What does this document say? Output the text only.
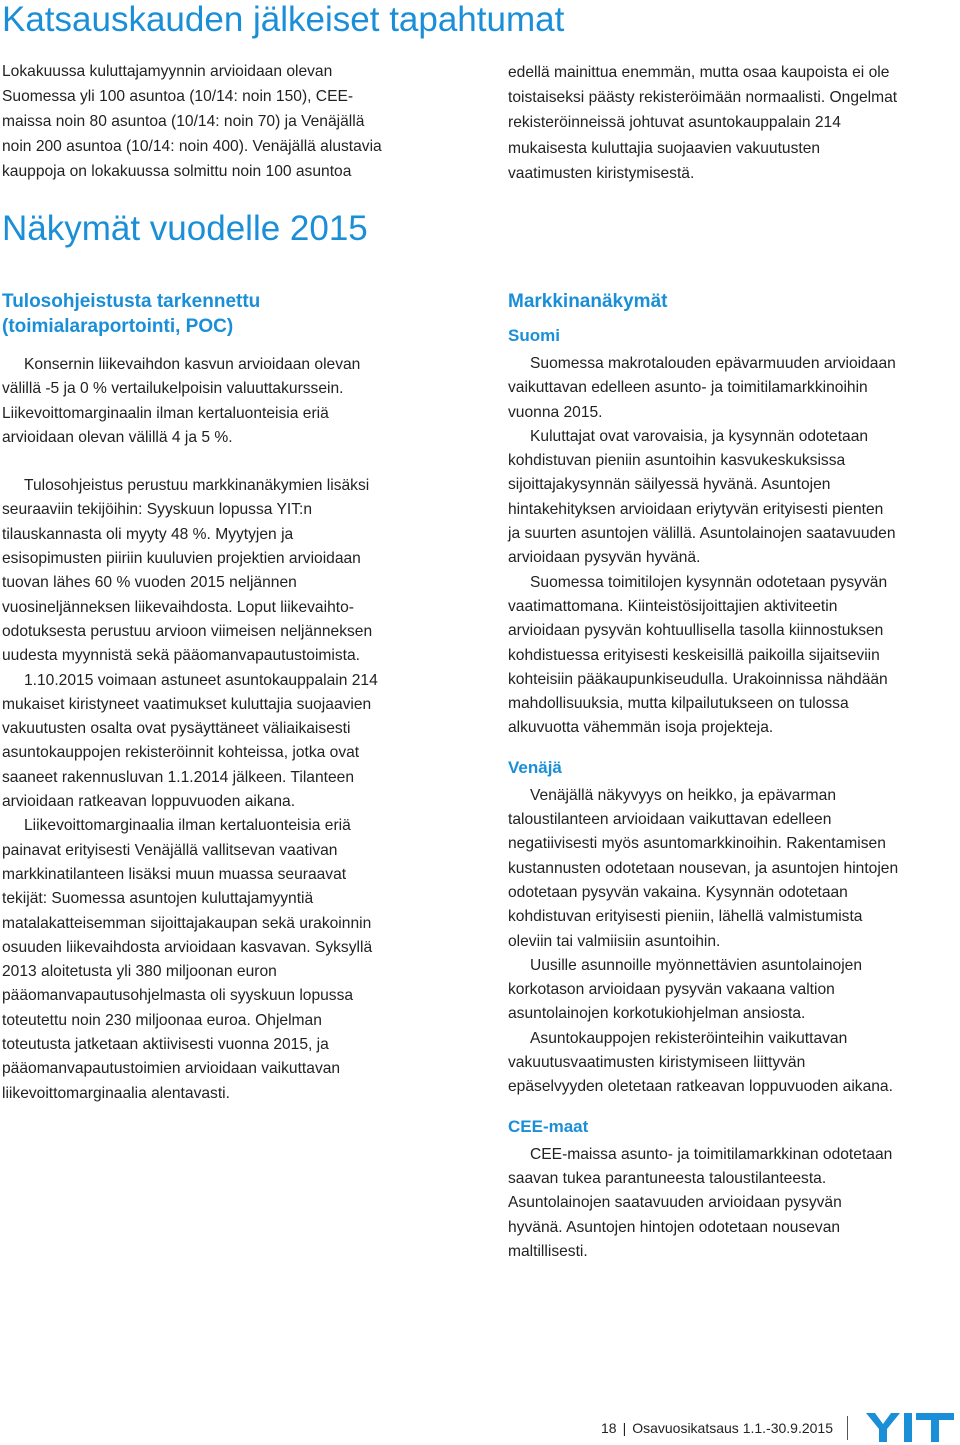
Katsauskauden jälkeiset tapahtumat

Lokakuussa kuluttajamyynnin arvioidaan olevan
Suomessa yli 100 asuntoa (10/14: noin 150), CEE-
maissa noin 80 asuntoa (10/14: noin 70) ja Venäjällä
noin 200 asuntoa (10/14: noin 400). Venäjällä alustavia
kauppoja on lokakuussa solmittu noin 100 asuntoa

edellä mainittua enemmän, mutta osaa kaupoista ei ole
toistaiseksi päästy rekisteröimään normaalisti. Ongelmat
rekisteröinneissä johtuvat asuntokauppalain 214
mukaisesta kuluttajia suojaavien vakuutusten
vaatimusten kiristymisestä.

Näkymät vuodelle 2015

Tulosohjeistusta tarkennettu
(toimialaraportointi, POC)

Konsernin liikevaihdon kasvun arvioidaan olevan
välillä -5 ja 0 % vertailukelpoisin valuuttakurssein.
Liikevoittomarginaalin ilman kertaluonteisia eriä
arvioidaan olevan välillä 4 ja 5 %.

Tulosohjeistus perustuu markkinanäkymien lisäksi
seuraaviin tekijöihin: Syyskuun lopussa YIT:n
tilauskannasta oli myyty 48 %. Myytyjen ja
esisopimusten piiriin kuuluvien projektien arvioidaan
tuovan lähes 60 % vuoden 2015 neljännen
vuosineljänneksen liikevaihdosta. Loput liikevaihto-
odotuksesta perustuu arvioon viimeisen neljänneksen
uudesta myynnistä sekä pääomanvapautustoimista.

1.10.2015 voimaan astuneet asuntokauppalain 214
mukaiset kiristyneet vaatimukset kuluttajia suojaavien
vakuutusten osalta ovat pysäyttäneet väliaikaisesti
asuntokauppojen rekisteröinnit kohteissa, jotka ovat
saaneet rakennusluvan 1.1.2014 jälkeen. Tilanteen
arvioidaan ratkeavan loppuvuoden aikana.

Liikevoittomarginaalia ilman kertaluonteisia eriä
painavat erityisesti Venäjällä vallitsevan vaativan
markkinatilanteen lisäksi muun muassa seuraavat
tekijät: Suomessa asuntojen kuluttajamyyntiä
matalakatteisemman sijoittajakaupan sekä urakoinnin
osuuden liikevaihdosta arvioidaan kasvavan. Syksyllä
2013 aloitetusta yli 380 miljoonan euron
pääomanvapautusohjelmasta oli syyskuun lopussa
toteutettu noin 230 miljoonaa euroa. Ohjelman
toteutusta jatketaan aktiivisesti vuonna 2015, ja
pääomanvapautustoimien arvioidaan vaikuttavan
liikevoittomarginaalia alentavasti.

Markkinanäkymät

Suomi

Suomessa makrotalouden epävarmuuden arvioidaan
vaikuttavan edelleen asunto- ja toimitilamarkkinoihin
vuonna 2015.

Kuluttajat ovat varovaisia, ja kysynnän odotetaan
kohdistuvan pieniin asuntoihin kasvukeskuksissa
sijoittajakysynnän säilyessä hyvänä. Asuntojen
hintakehityksen arvioidaan eriytyvän erityisesti pienten
ja suurten asuntojen välillä. Asuntolainojen saatavuuden
arvioidaan pysyvän hyvänä.

Suomessa toimitilojen kysynnän odotetaan pysyvän
vaatimattomana. Kiinteistösijoittajien aktiviteetin
arvioidaan pysyvän kohtuullisella tasolla kiinnostuksen
kohdistuessa erityisesti keskeisillä paikoilla sijaitseviin
kohteisiin pääkaupunkiseudulla. Urakoinnissa nähdään
mahdollisuuksia, mutta kilpailutukseen on tulossa
alkuvuotta vähemmän isoja projekteja.

Venäjä

Venäjällä näkyvyys on heikko, ja epävarman
taloustilanteen arvioidaan vaikuttavan edelleen
negatiivisesti myös asuntomarkkinoihin. Rakentamisen
kustannusten odotetaan nousevan, ja asuntojen hintojen
odotetaan pysyvän vakaina. Kysynnän odotetaan
kohdistuvan erityisesti pieniin, lähellä valmistumista
oleviin tai valmiisiin asuntoihin.

Uusille asunnoille myönnettävien asuntolainojen
korkotason arvioidaan pysyvän vakaana valtion
asuntolainojen korkotukiohjelman ansiosta.

Asuntokauppojen rekisteröinteihin vaikuttavan
vakuutusvaatimusten kiristymiseen liittyvän
epäselvyyden oletetaan ratkeavan loppuvuoden aikana.

CEE-maat

CEE-maissa asunto- ja toimitilamarkkinan odotetaan
saavan tukea parantuneesta taloustilanteesta.
Asuntolainojen saatavuuden arvioidaan pysyvän
hyvänä. Asuntojen hintojen odotetaan nousevan
maltillisesti.

18 | Osavuosikatsaus 1.1.-30.9.2015
